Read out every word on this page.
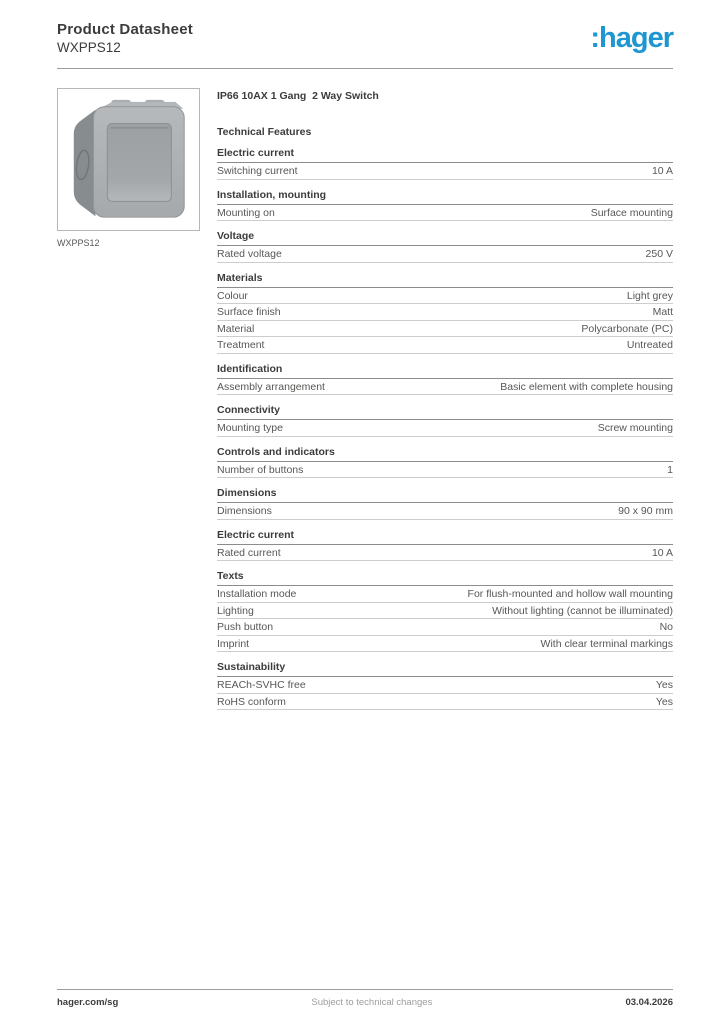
Product Datasheet
WXPPS12	:hager
WXPPS12
IP66 10AX 1 Gang  2 Way Switch
Technical Features
Electric current
Switching current	10 A
Installation, mounting
Mounting on	Surface mounting
Voltage
Rated voltage	250 V
Materials
Colour	Light grey
Surface finish	Matt
Material	Polycarbonate (PC)
Treatment	Untreated
Identification
Assembly arrangement	Basic element with complete housing
Connectivity
Mounting type	Screw mounting
Controls and indicators
Number of buttons	1
Dimensions
Dimensions	90 x 90 mm
Electric current
Rated current	10 A
Texts
Installation mode	For flush-mounted and hollow wall mounting
Lighting	Without lighting (cannot be illuminated)
Push button	No
Imprint	With clear terminal markings
Sustainability
REACh-SVHC free	Yes
RoHS conform	Yes
hager.com/sg	Subject to technical changes	03.04.2026
